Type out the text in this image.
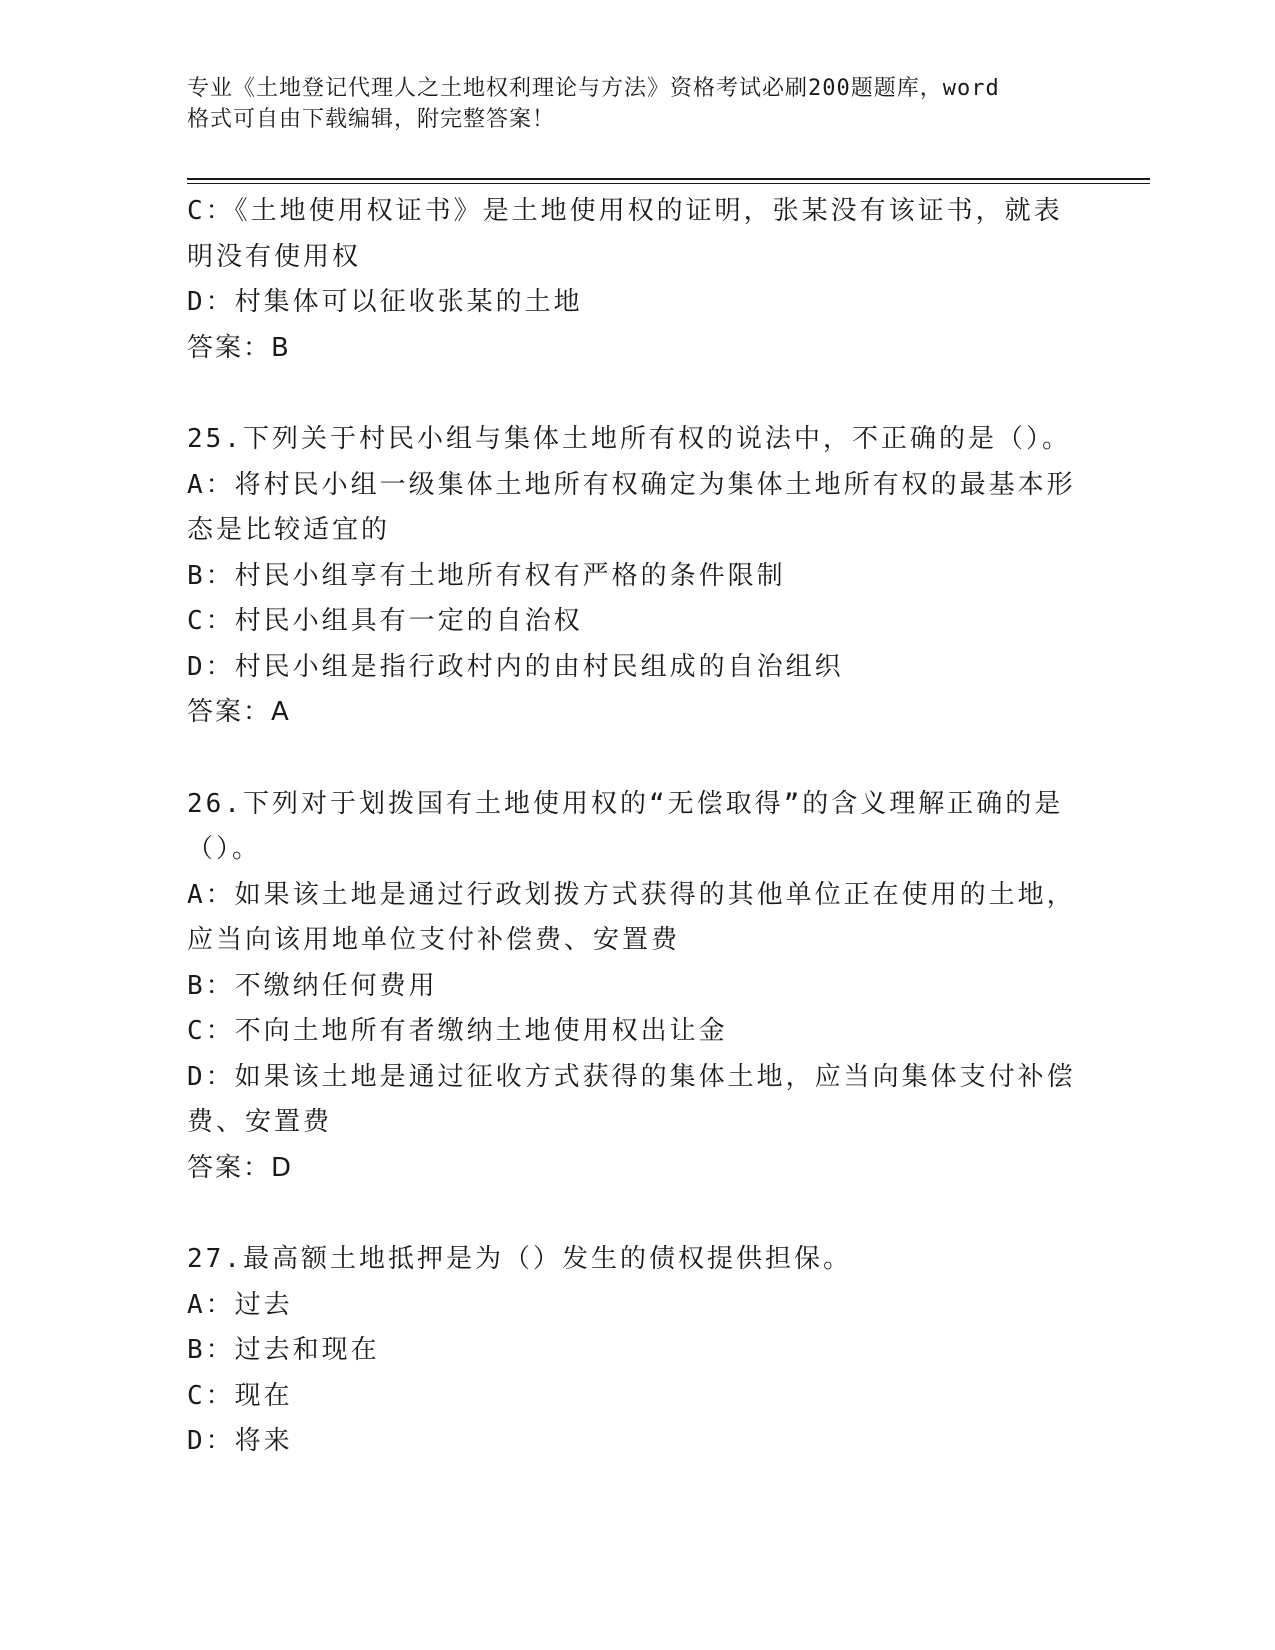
专业《土地登记代理人之土地权利理论与方法》资格考试必刷200题题库，word
格式可自由下载编辑，附完整答案！
C：《土地使用权证书》是土地使用权的证明，张某没有该证书，就表
明没有使用权
D：村集体可以征收张某的土地
答案：B
25.下列关于村民小组与集体土地所有权的说法中，不正确的是（）。
A：将村民小组一级集体土地所有权确定为集体土地所有权的最基本形
态是比较适宜的
B：村民小组享有土地所有权有严格的条件限制
C：村民小组具有一定的自治权
D：村民小组是指行政村内的由村民组成的自治组织
答案：A
26.下列对于划拨国有土地使用权的“无偿取得”的含义理解正确的是
（）。
A：如果该土地是通过行政划拨方式获得的其他单位正在使用的土地，
应当向该用地单位支付补偿费、安置费
B：不缴纳任何费用
C：不向土地所有者缴纳土地使用权出让金
D：如果该土地是通过征收方式获得的集体土地，应当向集体支付补偿
费、安置费
答案：D
27.最高额土地抵押是为（）发生的债权提供担保。
A：过去
B：过去和现在
C：现在
D：将来
